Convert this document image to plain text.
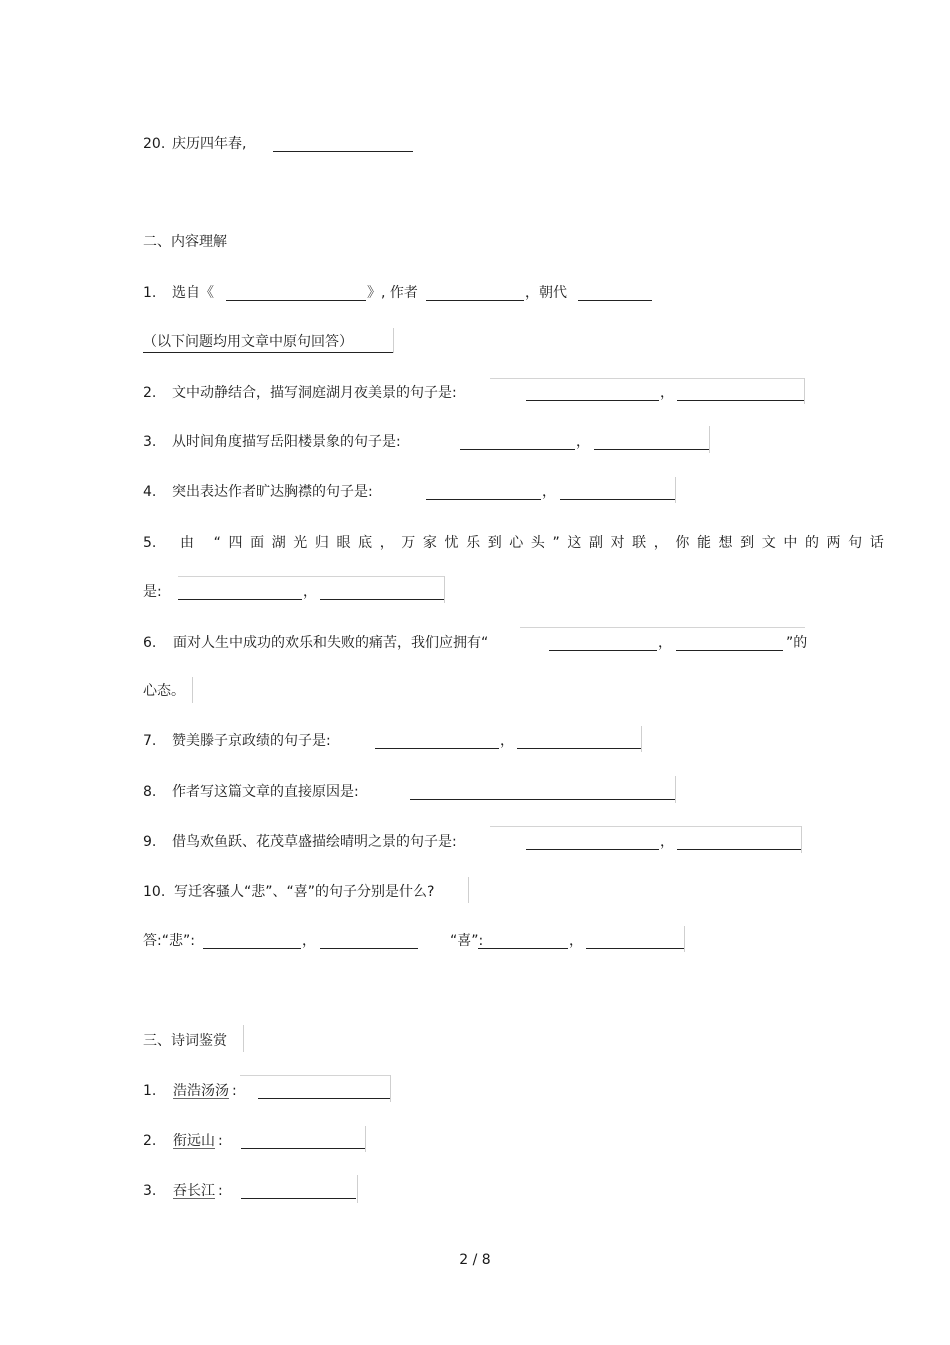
20. 庆历四年春,
二、内容理解
1. 选自《	》, 作者	，朝代
（以下问题均用文章中原句回答）
2. 文中动静结合，描写洞庭湖月夜美景的句子是:	，
3. 从时间角度描写岳阳楼景象的句子是:	，
4. 突出表达作者旷达胸襟的句子是:	，
5. 由 “四面湖光归眼底，万家忧乐到心头”这副对联，你能想到文中的两句话
是:	，
6. 面对人生中成功的欢乐和失败的痛苦，我们应拥有“	，	”的
心态。
7. 赞美滕子京政绩的句子是:	，
8. 作者写这篇文章的直接原因是:
9. 借鸟欢鱼跃、花茂草盛描绘晴明之景的句子是:	，
10. 写迁客骚人“悲”、“喜”的句子分别是什么?
答:“悲”:	，	“喜”:	，
三、诗词鉴赏
1. 浩浩汤汤 :
2. 衔远山 :
3. 吞长江 :
2 / 8
